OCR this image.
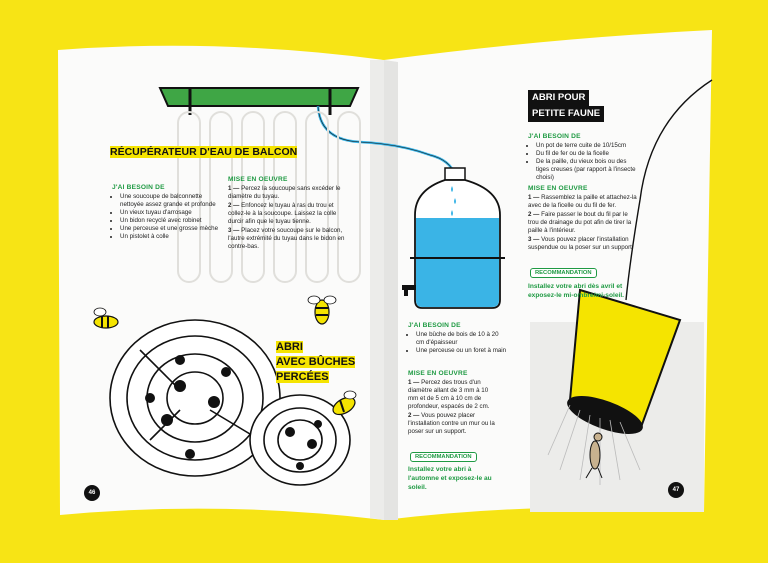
RÉCUPÉRATEUR D'EAU DE BALCON
J'AI BESOIN DE
• Une soucoupe de balconnette nettoyée assez grande et profonde
• Un vieux tuyau d'arrosage
• Un bidon recyclé avec robinet
• Une perceuse et une grosse mèche
• Un pistolet à colle
MISE EN OEUVRE
1 — Percez la soucoupe sans excéder le diamètre du tuyau.
2 — Enfoncez le tuyau à ras du trou et collez-le à la soucoupe. Laissez la colle durcir afin que le tuyau tienne.
3 — Placez votre soucoupe sur le balcon, l'autre extrémité du tuyau dans le bidon en contre-bas.
ABRI
AVEC BÛCHES
PERCÉES
46
J'AI BESOIN DE
• Une bûche de bois de 10 à 20 cm d'épaisseur
• Une perceuse ou un foret à main
MISE EN OEUVRE
1 — Percez des trous d'un diamètre allant de 3 mm à 10 mm et de 5 cm à 10 cm de profondeur, espacés de 2 cm.
2 — Vous pouvez placer l'installation contre un mur ou la poser sur un support.
RECOMMANDATION
Installez votre abri à l'automne et exposez-le au soleil.
ABRI POUR
PETITE FAUNE
J'AI BESOIN DE
• Un pot de terre cuite de 10/15cm
• Du fil de fer ou de la ficelle
• De la paille, du vieux bois ou des tiges creuses (par rapport à l'insecte choisi)
MISE EN OEUVRE
1 — Rassemblez la paille et attachez-la avec de la ficelle ou du fil de fer.
2 — Faire passer le bout du fil par le trou de drainage du pot afin de tirer la paille à l'intérieur.
3 — Vous pouvez placer l'installation suspendue ou la poser sur un support.
RECOMMANDATION
Installez votre abri dès avril et exposez-le mi-ombre/mi-soleil.
47
